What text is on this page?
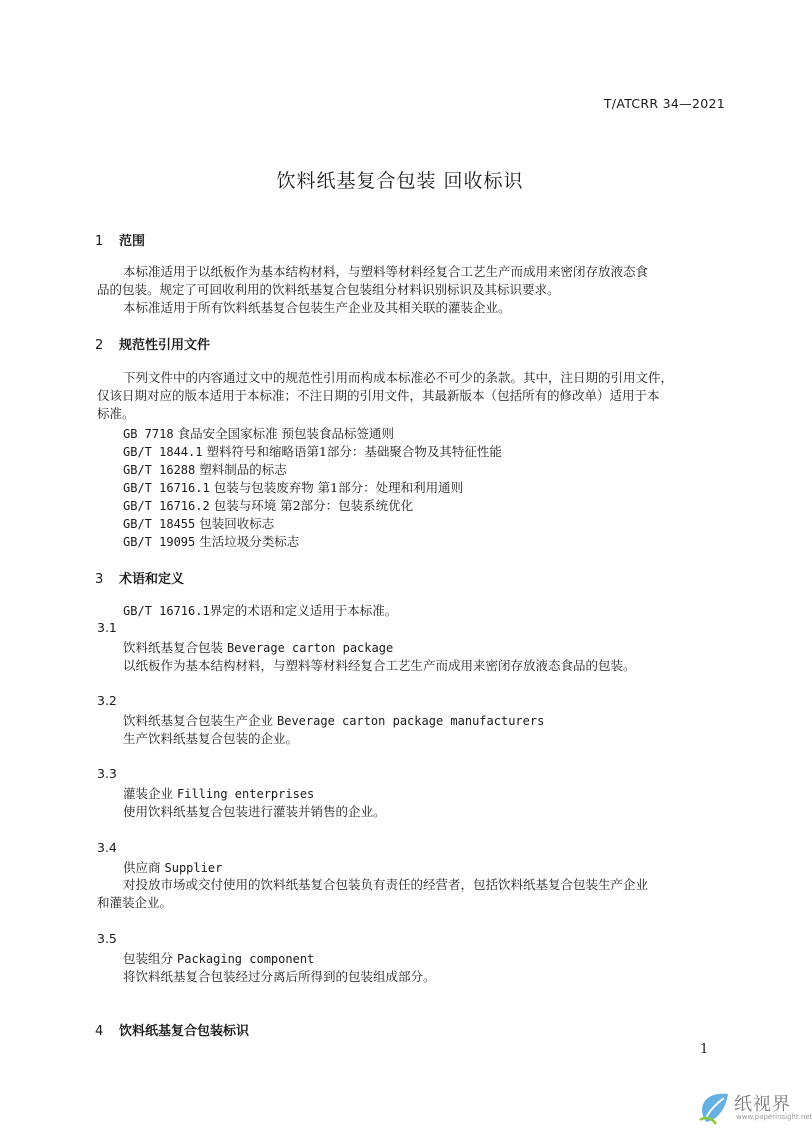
T/ATCRR 34—2021
饮料纸基复合包装 回收标识
1 范围
本标准适用于以纸板作为基本结构材料，与塑料等材料经复合工艺生产而成用来密闭存放液态食
品的包装。规定了可回收利用的饮料纸基复合包装组分材料识别标识及其标识要求。
本标准适用于所有饮料纸基复合包装生产企业及其相关联的灌装企业。
2 规范性引用文件
下列文件中的内容通过文中的规范性引用而构成本标准必不可少的条款。其中，注日期的引用文件，
仅该日期对应的版本适用于本标准；不注日期的引用文件，其最新版本（包括所有的修改单）适用于本
标准。
GB 7718 食品安全国家标准 预包装食品标签通则
GB/T 1844.1 塑料符号和缩略语第1部分：基础聚合物及其特征性能
GB/T 16288 塑料制品的标志
GB/T 16716.1 包装与包装废弃物 第1部分：处理和利用通则
GB/T 16716.2 包装与环境 第2部分：包装系统优化
GB/T 18455 包装回收标志
GB/T 19095 生活垃圾分类标志
3 术语和定义
GB/T 16716.1界定的术语和定义适用于本标准。
3.1
饮料纸基复合包装 Beverage carton package
以纸板作为基本结构材料，与塑料等材料经复合工艺生产而成用来密闭存放液态食品的包装。
3.2
饮料纸基复合包装生产企业 Beverage carton package manufacturers
生产饮料纸基复合包装的企业。
3.3
灌装企业 Filling enterprises
使用饮料纸基复合包装进行灌装并销售的企业。
3.4
供应商 Supplier
对投放市场或交付使用的饮料纸基复合包装负有责任的经营者，包括饮料纸基复合包装生产企业
和灌装企业。
3.5
包装组分 Packaging component
将饮料纸基复合包装经过分离后所得到的包装组成部分。
4 饮料纸基复合包装标识
1
纸视界
www.paperinsight.net
